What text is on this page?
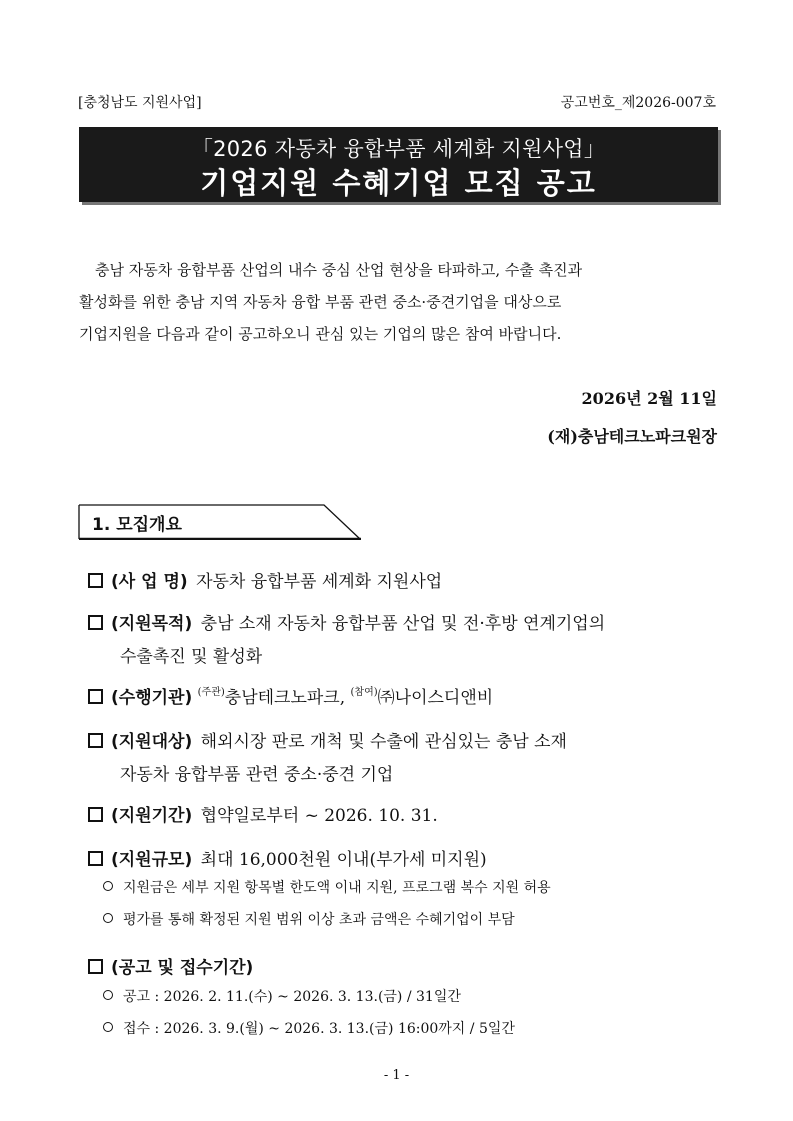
[충청남도 지원사업]	공고번호_제2026-007호
「2026 자동차 융합부품 세계화 지원사업」
기업지원 수혜기업 모집 공고

충남 자동차 융합부품 산업의 내수 중심 산업 현상을 타파하고, 수출 촉진과

활성화를 위한 충남 지역 자동차 융합 부품 관련 중소·중견기업을 대상으로

기업지원을 다음과 같이 공고하오니 관심 있는 기업의 많은 참여 바랍니다.

2026년 2월 11일
(재)충남테크노파크원장
1. 모집개요
(사 업 명) 자동차 융합부품 세계화 지원사업
(지원목적) 충남 소재 자동차 융합부품 산업 및 전·후방 연계기업의
수출촉진 및 활성화
(수행기관) $^{(주관)}$충남테크노파크, $^{(참여)}$㈜나이스디앤비
(지원대상) 해외시장 판로 개척 및 수출에 관심있는 충남 소재
자동차 융합부품 관련 중소·중견 기업
(지원기간) 협약일로부터 ~ 2026. 10. 31.
(지원규모) 최대 16,000천원 이내(부가세 미지원)
지원금은 세부 지원 항목별 한도액 이내 지원, 프로그램 복수 지원 허용
평가를 통해 확정된 지원 범위 이상 초과 금액은 수혜기업이 부담
(공고 및 접수기간)
공고 : 2026. 2. 11.(수) ~ 2026. 3. 13.(금) / 31일간
접수 : 2026. 3. 9.(월) ~ 2026. 3. 13.(금) 16:00까지 / 5일간
- 1 -
